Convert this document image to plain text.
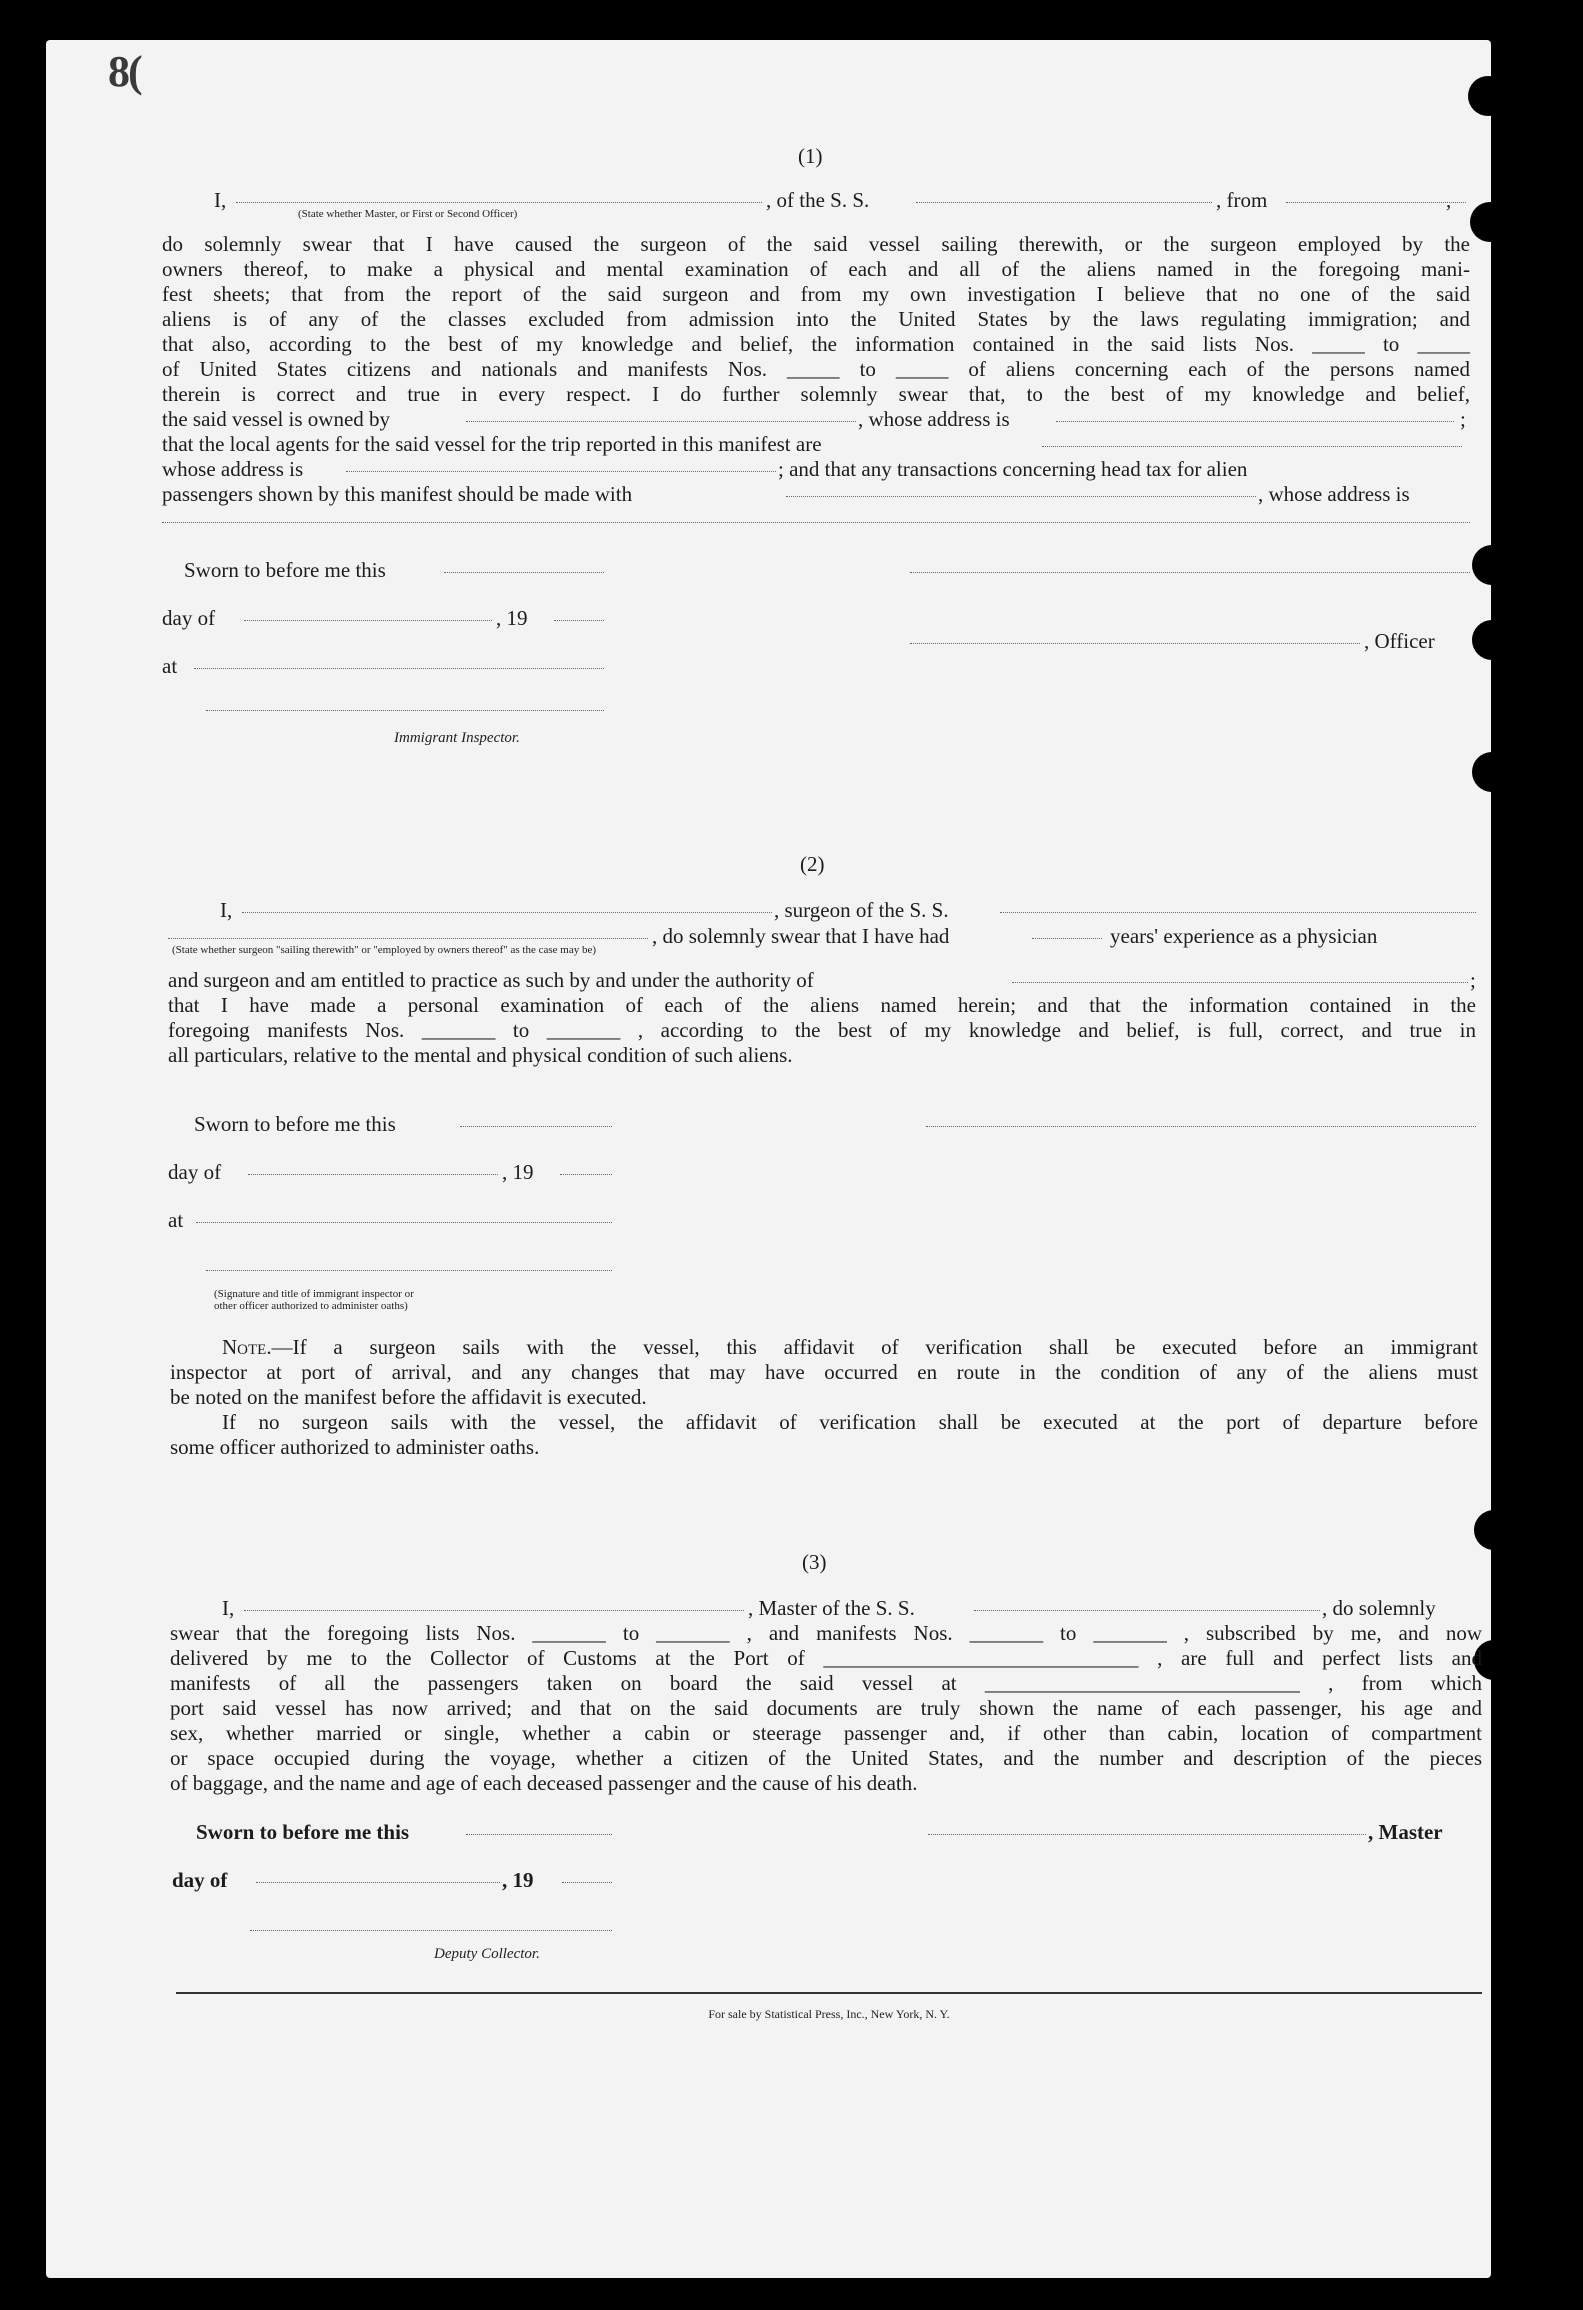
8(
(1)
I,
(State whether Master, or First or Second Officer)
, of the S. S.	, from	,
do solemnly swear that I have caused the surgeon of the said vessel sailing therewith, or the surgeon employed by the
owners thereof, to make a physical and mental examination of each and all of the aliens named in the foregoing mani-
fest sheets; that from the report of the said surgeon and from my own investigation I believe that no one of the said
aliens is of any of the classes excluded from admission into the United States by the laws regulating immigration; and
that also, according to the best of my knowledge and belief, the information contained in the said lists Nos. _____ to _____
of United States citizens and nationals and manifests Nos. _____ to _____ of aliens concerning each of the persons named
therein is correct and true in every respect. I do further solemnly swear that, to the best of my knowledge and belief,
the said vessel is owned by	, whose address is	;
that the local agents for the said vessel for the trip reported in this manifest are
whose address is	; and that any transactions concerning head tax for alien
passengers shown by this manifest should be made with	, whose address is
Sworn to before me this
day of	, 19
, Officer
at
Immigrant Inspector.
(2)
I,	, surgeon of the S. S.
(State whether surgeon "sailing therewith" or "employed by owners thereof" as the case may be)
, do solemnly swear that I have had	years' experience as a physician
and surgeon and am entitled to practice as such by and under the authority of	;
that I have made a personal examination of each of the aliens named herein; and that the information contained in the
foregoing manifests Nos. _______ to _______ , according to the best of my knowledge and belief, is full, correct, and true in
all particulars, relative to the mental and physical condition of such aliens.
Sworn to before me this
day of	, 19
at
(Signature and title of immigrant inspector or
other officer authorized to administer oaths)
Note.—If a surgeon sails with the vessel, this affidavit of verification shall be executed before an immigrant
inspector at port of arrival, and any changes that may have occurred en route in the condition of any of the aliens must
be noted on the manifest before the affidavit is executed.
If no surgeon sails with the vessel, the affidavit of verification shall be executed at the port of departure before
some officer authorized to administer oaths.
(3)
I,	, Master of the S. S.	, do solemnly
swear that the foregoing lists Nos. _______ to _______ , and manifests Nos. _______ to _______ , subscribed by me, and now
delivered by me to the Collector of Customs at the Port of ______________________________ , are full and perfect lists and
manifests of all the passengers taken on board the said vessel at ______________________________ , from which
port said vessel has now arrived; and that on the said documents are truly shown the name of each passenger, his age and
sex, whether married or single, whether a cabin or steerage passenger and, if other than cabin, location of compartment
or space occupied during the voyage, whether a citizen of the United States, and the number and description of the pieces
of baggage, and the name and age of each deceased passenger and the cause of his death.
Sworn to before me this	, Master
day of	, 19
Deputy Collector.
For sale by Statistical Press, Inc., New York, N. Y.
